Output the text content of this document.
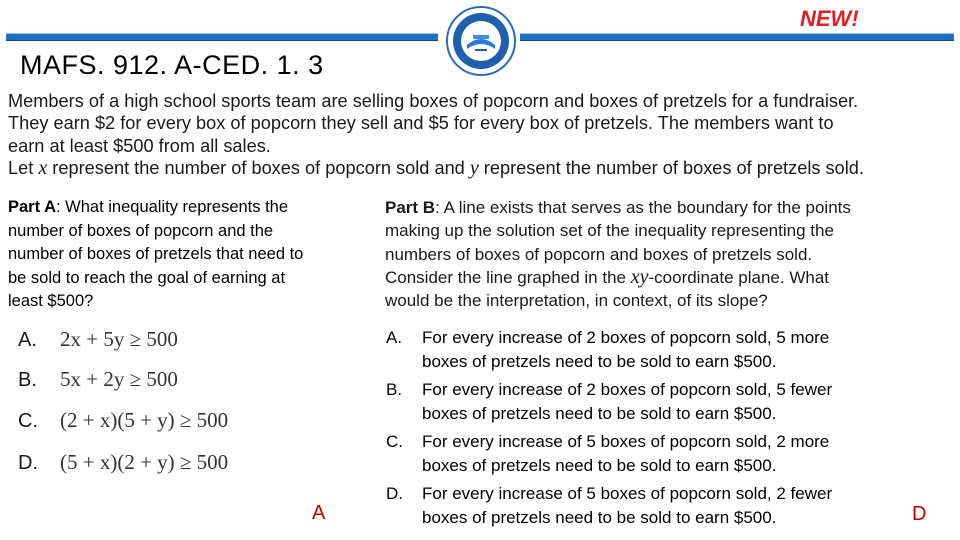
NEW!
MAFS. 912. A-CED. 1. 3
Members of a high school sports team are selling boxes of popcorn and boxes of pretzels for a fundraiser.
They earn $2 for every box of popcorn they sell and $5 for every box of pretzels. The members want to
earn at least $500 from all sales.
Let x represent the number of boxes of popcorn sold and y represent the number of boxes of pretzels sold.
Part A: What inequality represents the
number of boxes of popcorn and the
number of boxes of pretzels that need to
be sold to reach the goal of earning at
least $500?
Part B: A line exists that serves as the boundary for the points
making up the solution set of the inequality representing the
numbers of boxes of popcorn and boxes of pretzels sold.
Consider the line graphed in the xy-coordinate plane. What
would be the interpretation, in context, of its slope?
A. 2x + 5y ≥ 500
B. 5x + 2y ≥ 500
C. (2 + x)(5 + y) ≥ 500
D. (5 + x)(2 + y) ≥ 500
A
A.	For every increase of 2 boxes of popcorn sold, 5 more
boxes of pretzels need to be sold to earn $500.
B.	For every increase of 2 boxes of popcorn sold, 5 fewer
boxes of pretzels need to be sold to earn $500.
C.	For every increase of 5 boxes of popcorn sold, 2 more
boxes of pretzels need to be sold to earn $500.
D.	For every increase of 5 boxes of popcorn sold, 2 fewer
boxes of pretzels need to be sold to earn $500.	D
